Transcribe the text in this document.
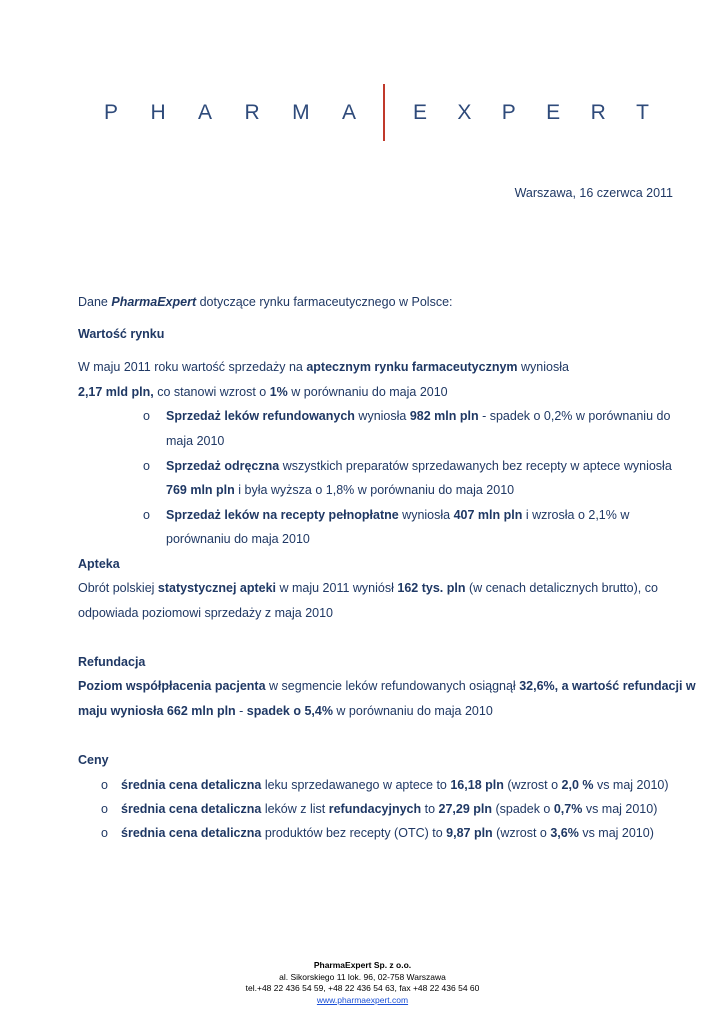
P H A R M A	E X P E R T
Warszawa, 16 czerwca 2011
Dane PharmaExpert dotyczące rynku farmaceutycznego w Polsce:
Wartość rynku
W maju 2011 roku wartość sprzedaży na aptecznym rynku farmaceutycznym wyniosła
2,17 mld pln, co stanowi wzrost o 1% w porównaniu do maja 2010
o Sprzedaż leków refundowanych wyniosła 982 mln pln - spadek o 0,2% w porównaniu do
maja 2010
o Sprzedaż odręczna wszystkich preparatów sprzedawanych bez recepty w aptece wyniosła
769 mln pln i była wyższa o 1,8% w porównaniu do maja 2010
o Sprzedaż leków na recepty pełnopłatne wyniosła 407 mln pln i wzrosła o 2,1% w
porównaniu do maja 2010
Apteka
Obrót polskiej statystycznej apteki w maju 2011 wyniósł 162 tys. pln (w cenach detalicznych brutto), co
odpowiada poziomowi sprzedaży z maja 2010
Refundacja
Poziom współpłacenia pacjenta w segmencie leków refundowanych osiągnął 32,6%, a wartość refundacji w
maju wyniosła 662 mln pln - spadek o 5,4% w porównaniu do maja 2010
Ceny
o średnia cena detaliczna leku sprzedawanego w aptece to 16,18 pln (wzrost o 2,0 % vs maj 2010)
o średnia cena detaliczna leków z list refundacyjnych to 27,29 pln (spadek o 0,7% vs maj 2010)
o średnia cena detaliczna produktów bez recepty (OTC) to 9,87 pln (wzrost o 3,6% vs maj 2010)
PharmaExpert Sp. z o.o.
al. Sikorskiego 11 lok. 96, 02-758 Warszawa
tel.+48 22 436 54 59, +48 22 436 54 63, fax +48 22 436 54 60
www.pharmaexpert.com
